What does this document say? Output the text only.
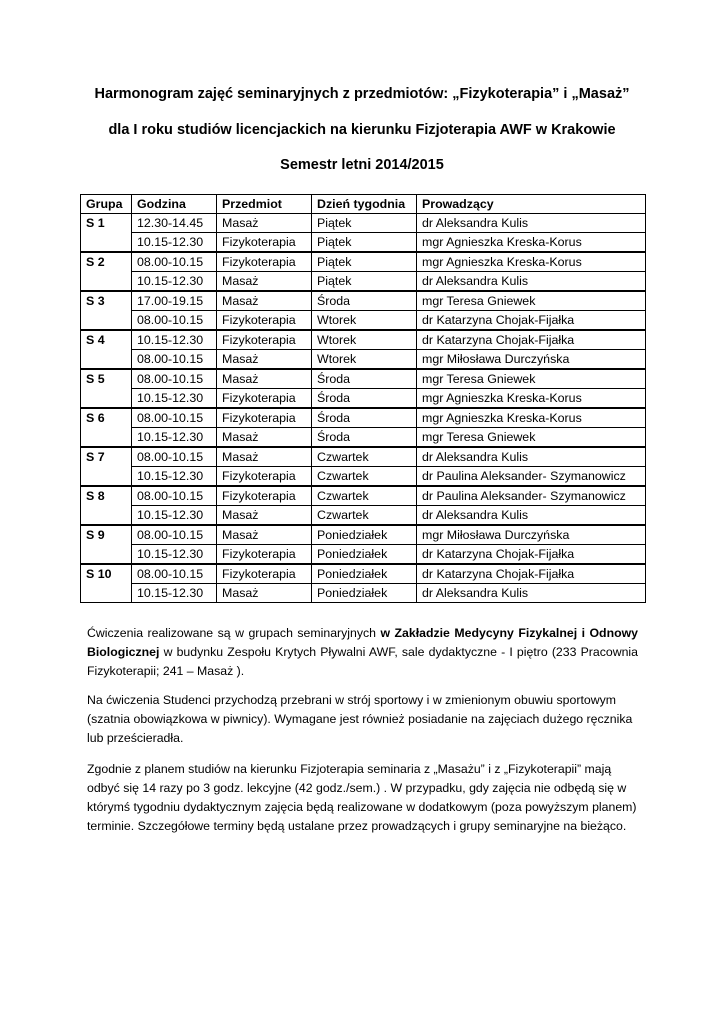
Harmonogram zajęć seminaryjnych z przedmiotów: „Fizykoterapia” i „Masaż”
dla I roku studiów licencjackich na kierunku Fizjoterapia AWF w Krakowie
Semestr letni 2014/2015
Grupa	Godzina	Przedmiot	Dzień tygodnia	Prowadzący
S 1	12.30-14.45	Masaż	Piątek	dr Aleksandra Kulis
	10.15-12.30	Fizykoterapia	Piątek	mgr Agnieszka Kreska-Korus
S 2	08.00-10.15	Fizykoterapia	Piątek	mgr Agnieszka Kreska-Korus
	10.15-12.30	Masaż	Piątek	dr Aleksandra Kulis
S 3	17.00-19.15	Masaż	Środa	mgr Teresa Gniewek
	08.00-10.15	Fizykoterapia	Wtorek	dr Katarzyna Chojak-Fijałka
S 4	10.15-12.30	Fizykoterapia	Wtorek	dr Katarzyna Chojak-Fijałka
	08.00-10.15	Masaż	Wtorek	mgr Miłosława Durczyńska
S 5	08.00-10.15	Masaż	Środa	mgr Teresa Gniewek
	10.15-12.30	Fizykoterapia	Środa	mgr Agnieszka Kreska-Korus
S 6	08.00-10.15	Fizykoterapia	Środa	mgr Agnieszka Kreska-Korus
	10.15-12.30	Masaż	Środa	mgr Teresa Gniewek
S 7	08.00-10.15	Masaż	Czwartek	dr Aleksandra Kulis
	10.15-12.30	Fizykoterapia	Czwartek	dr Paulina Aleksander- Szymanowicz
S 8	08.00-10.15	Fizykoterapia	Czwartek	dr Paulina Aleksander- Szymanowicz
	10.15-12.30	Masaż	Czwartek	dr Aleksandra Kulis
S 9	08.00-10.15	Masaż	Poniedziałek	mgr Miłosława Durczyńska
	10.15-12.30	Fizykoterapia	Poniedziałek	dr Katarzyna Chojak-Fijałka
S 10	08.00-10.15	Fizykoterapia	Poniedziałek	dr Katarzyna Chojak-Fijałka
	10.15-12.30	Masaż	Poniedziałek	dr Aleksandra Kulis
Ćwiczenia realizowane są w grupach seminaryjnych w Zakładzie Medycyny Fizykalnej i Odnowy Biologicznej w budynku Zespołu Krytych Pływalni AWF, sale dydaktyczne - I piętro (233 Pracownia Fizykoterapii; 241 – Masaż ).
Na ćwiczenia Studenci przychodzą przebrani w strój sportowy i w zmienionym obuwiu sportowym
(szatnia obowiązkowa w piwnicy). Wymagane jest również posiadanie na zajęciach dużego ręcznika
lub prześcieradła.
Zgodnie z planem studiów na kierunku Fizjoterapia seminaria z „Masażu” i z „Fizykoterapii” mają
odbyć się 14 razy po 3 godz. lekcyjne (42 godz./sem.) . W przypadku, gdy zajęcia nie odbędą się w
którymś tygodniu dydaktycznym zajęcia będą realizowane w dodatkowym (poza powyższym planem)
terminie. Szczegółowe terminy będą ustalane przez prowadzących i grupy seminaryjne na bieżąco.
